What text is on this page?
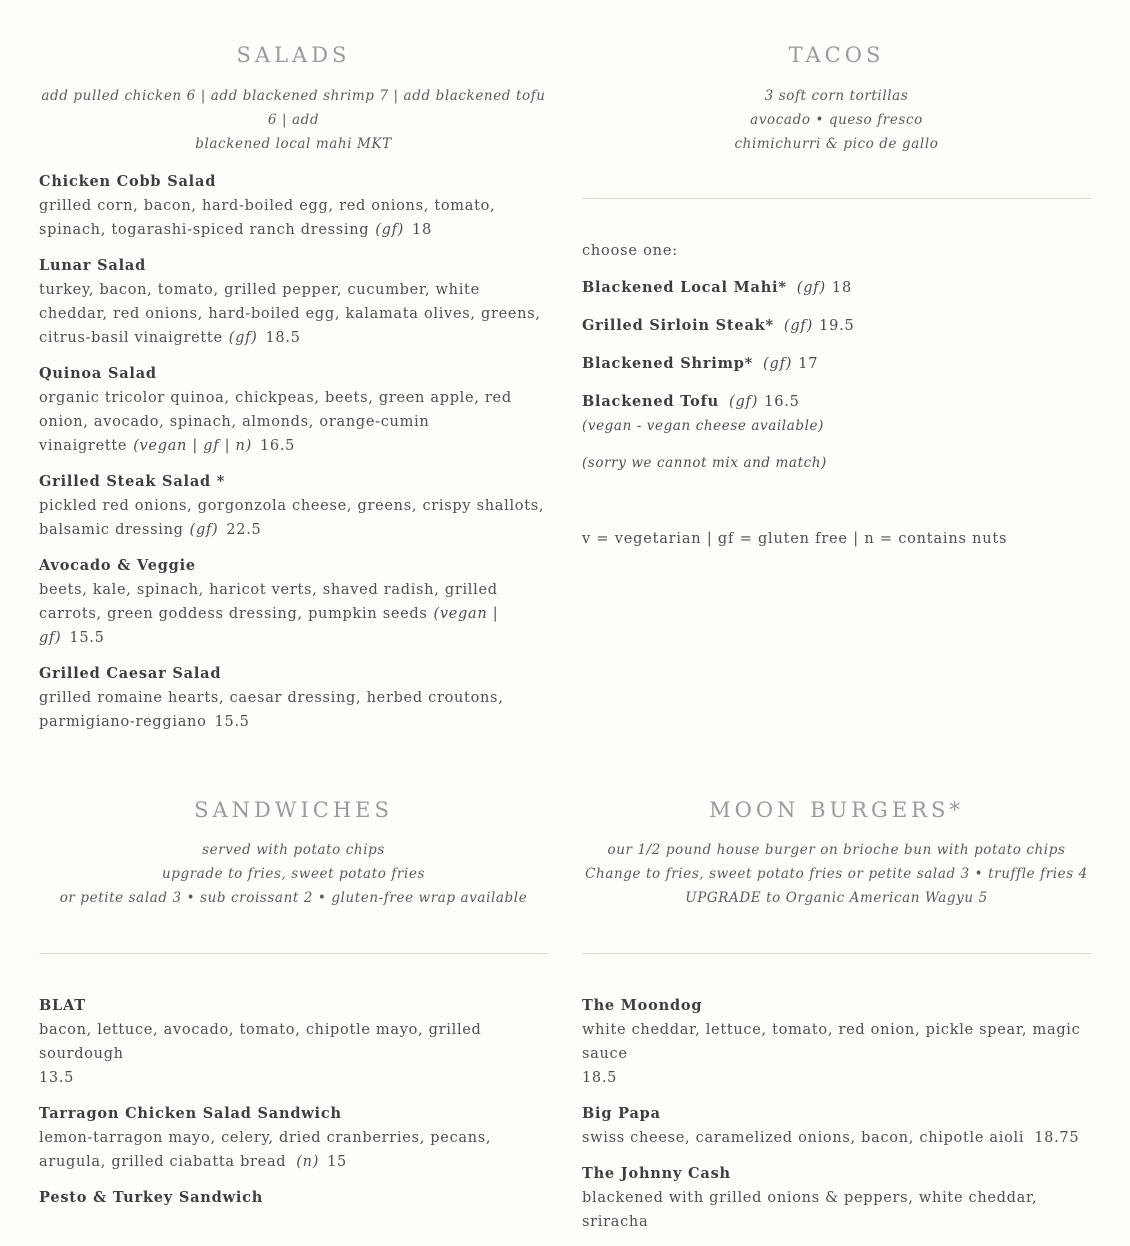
SALADS
add pulled chicken 6 | add blackened shrimp 7 | add blackened tofu 6 | add
blackened local mahi MKT
Chicken Cobb Salad
grilled corn, bacon, hard-boiled egg, red onions, tomato, spinach, togarashi-spiced ranch dressing (gf) 18
Lunar Salad
turkey, bacon, tomato, grilled pepper, cucumber, white cheddar, red onions, hard-boiled egg, kalamata olives, greens, citrus-basil vinaigrette (gf) 18.5
Quinoa Salad
organic tricolor quinoa, chickpeas, beets, green apple, red onion, avocado, spinach, almonds, orange-cumin vinaigrette (vegan | gf | n) 16.5
Grilled Steak Salad *
pickled red onions, gorgonzola cheese, greens, crispy shallots, balsamic dressing (gf) 22.5
Avocado & Veggie
beets, kale, spinach, haricot verts, shaved radish, grilled carrots, green goddess dressing, pumpkin seeds (vegan | gf) 15.5
Grilled Caesar Salad
grilled romaine hearts, caesar dressing, herbed croutons, parmigiano-reggiano 15.5
TACOS
3 soft corn tortillas
avocado • queso fresco
chimichurri & pico de gallo
choose one:
Blackened Local Mahi* (gf) 18
Grilled Sirloin Steak* (gf) 19.5
Blackened Shrimp* (gf) 17
Blackened Tofu (gf) 16.5
(vegan - vegan cheese available)
(sorry we cannot mix and match)
v = vegetarian | gf = gluten free | n = contains nuts
SANDWICHES
served with potato chips
upgrade to fries, sweet potato fries
or petite salad 3 • sub croissant 2 • gluten-free wrap available
BLAT
bacon, lettuce, avocado, tomato, chipotle mayo, grilled sourdough
13.5
Tarragon Chicken Salad Sandwich
lemon-tarragon mayo, celery, dried cranberries, pecans, arugula, grilled ciabatta bread (n) 15
Pesto & Turkey Sandwich
MOON BURGERS*
our 1/2 pound house burger on brioche bun with potato chips
Change to fries, sweet potato fries or petite salad 3 • truffle fries 4
UPGRADE to Organic American Wagyu 5
The Moondog
white cheddar, lettuce, tomato, red onion, pickle spear, magic sauce
18.5
Big Papa
swiss cheese, caramelized onions, bacon, chipotle aioli 18.75
The Johnny Cash
blackened with grilled onions & peppers, white cheddar, sriracha
